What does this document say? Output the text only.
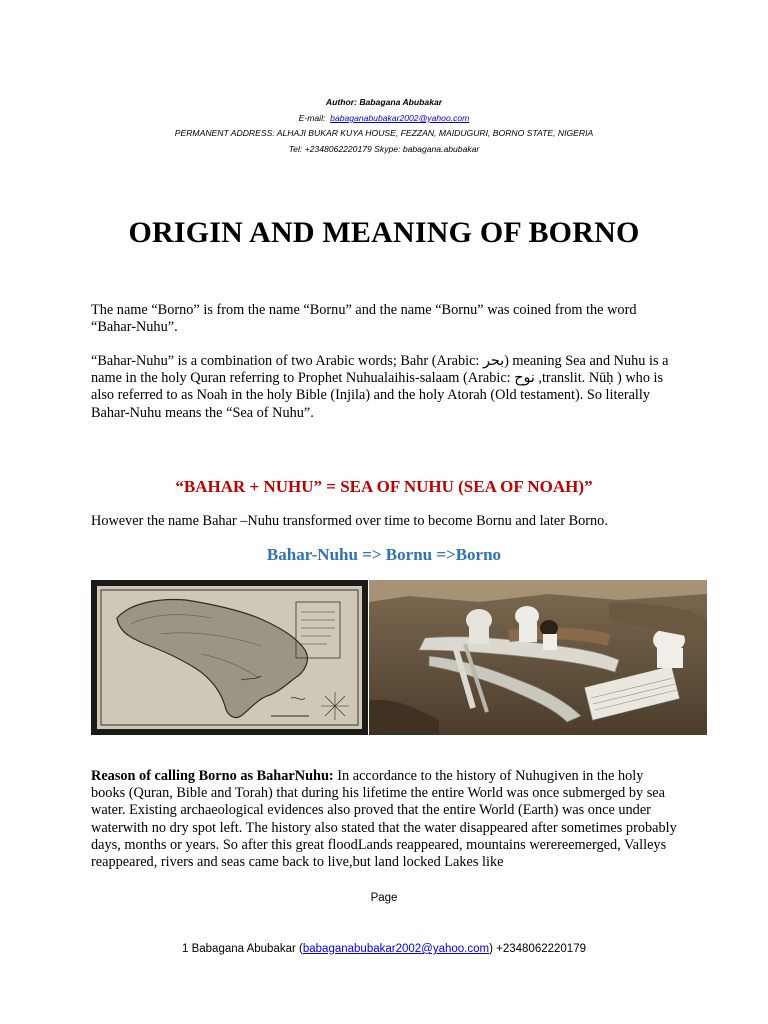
Author: Babagana Abubakar
E-mail: babaganabubakar2002@yahoo.com
PERMANENT ADDRESS: ALHAJI BUKAR KUYA HOUSE, FEZZAN, MAIDUGURI, BORNO STATE, NIGERIA
Tel: +2348062220179 Skype: babagana.abubakar
ORIGIN AND MEANING OF BORNO
The name “Borno” is from the name “Bornu” and the name “Bornu” was coined from the word “Bahar-Nuhu”.
“Bahar-Nuhu” is a combination of two Arabic words; Bahr (Arabic: بحر) meaning Sea and Nuhu is a name in the holy Quran referring to Prophet Nuhualaihis-salaam (Arabic: نوح ,translit. Nūḥ ) who is also referred to as Noah in the holy Bible (Injila) and the holy Atorah (Old testament). So literally Bahar-Nuhu means the “Sea of Nuhu”.
“BAHAR + NUHU” = SEA OF NUHU (SEA OF NOAH)”
However the name Bahar –Nuhu transformed over time to become Bornu and later Borno.
Bahar-Nuhu => Bornu =>Borno
Reason of calling Borno as BaharNuhu: In accordance to the history of Nuhugiven in the holy books (Quran, Bible and Torah) that during his lifetime the entire World was once submerged by sea water. Existing archaeological evidences also proved that the entire World (Earth) was once under waterwith no dry spot left. The history also stated that the water disappeared after sometimes probably days, months or years. So after this great floodLands reappeared, mountains werereemerged, Valleys reappeared, rivers and seas came back to live,but land locked Lakes like
Page
1 Babagana Abubakar (babaganabubakar2002@yahoo.com) +2348062220179
